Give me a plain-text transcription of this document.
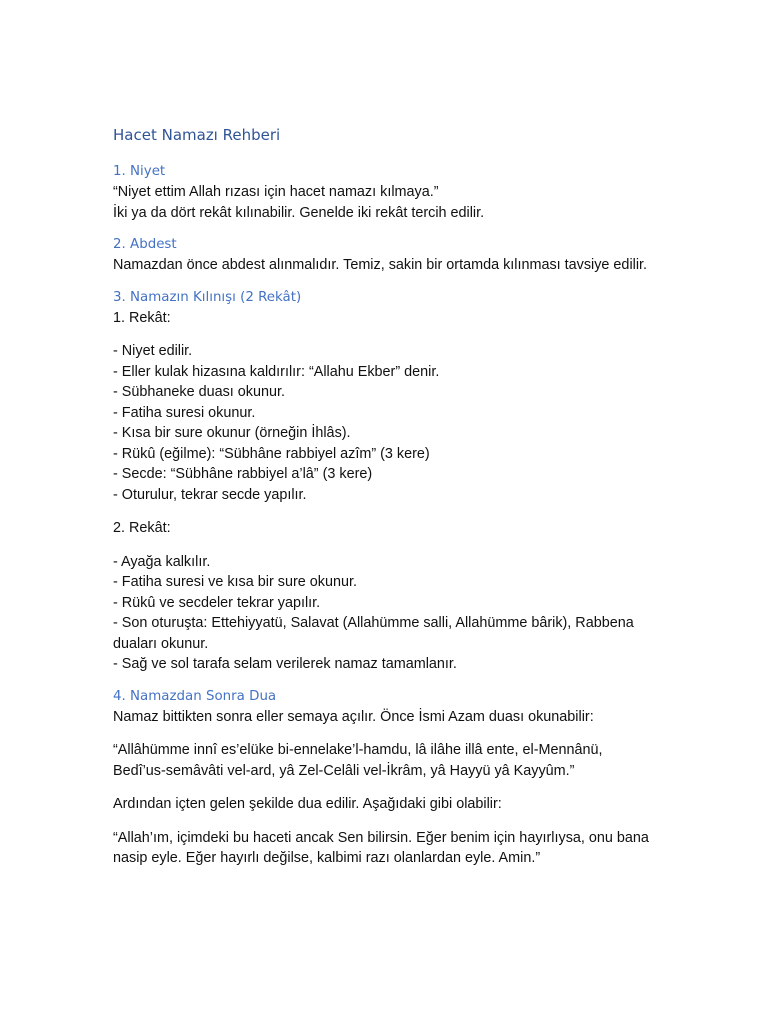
Hacet Namazı Rehberi
1. Niyet

“Niyet ettim Allah rızası için hacet namazı kılmaya.”

İki ya da dört rekât kılınabilir. Genelde iki rekât tercih edilir.

2. Abdest

Namazdan önce abdest alınmalıdır. Temiz, sakin bir ortamda kılınması tavsiye edilir.

3. Namazın Kılınışı (2 Rekât)

1. Rekât:

- Niyet edilir.
- Eller kulak hizasına kaldırılır: “Allahu Ekber” denir.
- Sübhaneke duası okunur.
- Fatiha suresi okunur.
- Kısa bir sure okunur (örneğin İhlâs).
- Rükû (eğilme): “Sübhâne rabbiyel azîm” (3 kere)
- Secde: “Sübhâne rabbiyel a’lâ” (3 kere)
- Oturulur, tekrar secde yapılır.

2. Rekât:

- Ayağa kalkılır.
- Fatiha suresi ve kısa bir sure okunur.
- Rükû ve secdeler tekrar yapılır.
- Son oturuşta: Ettehiyyatü, Salavat (Allahümme salli, Allahümme bârik), Rabbena duaları okunur.
- Sağ ve sol tarafa selam verilerek namaz tamamlanır.
4. Namazdan Sonra Dua

Namaz bittikten sonra eller semaya açılır. Önce İsmi Azam duası okunabilir:

“Allâhümme innî es’elüke bi-ennelake’l-hamdu, lâ ilâhe illâ ente, el-Mennânü, Bedî’us-semâvâti vel-ard, yâ Zel-Celâli vel-İkrâm, yâ Hayyü yâ Kayyûm.”

Ardından içten gelen şekilde dua edilir. Aşağıdaki gibi olabilir:

“Allah’ım, içimdeki bu haceti ancak Sen bilirsin. Eğer benim için hayırlıysa, onu bana nasip eyle. Eğer hayırlı değilse, kalbimi razı olanlardan eyle. Amin.”
